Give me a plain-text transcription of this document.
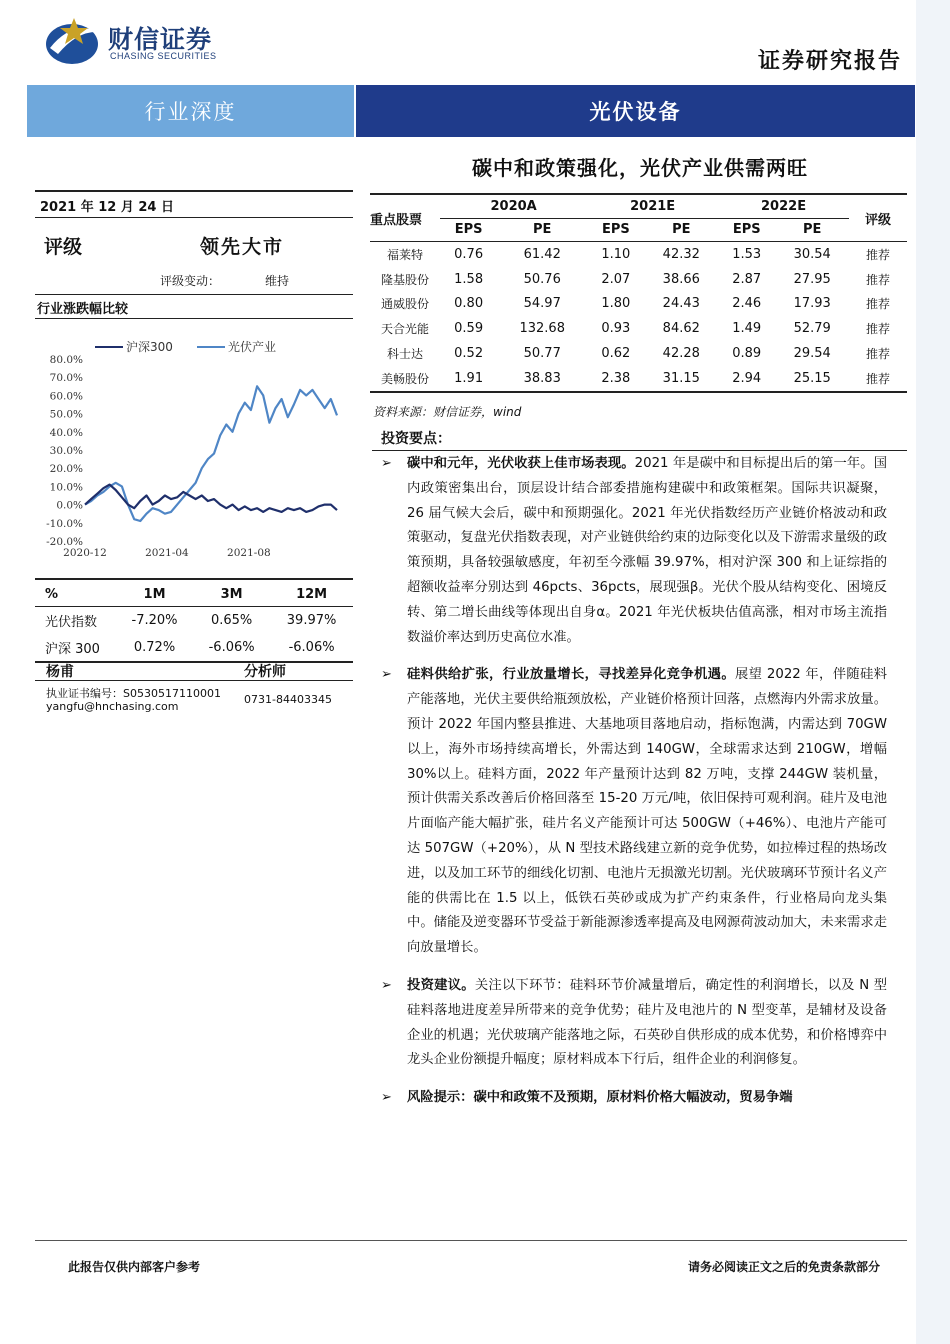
财信证券
CHASING SECURITIES	证券研究报告
行业深度	光伏设备
碳中和政策强化，光伏产业供需两旺
2021 年 12 月 24 日
评级	领先大市
评级变动：	维持
行业涨跌幅比较
沪深300	光伏产业
80.0%
70.0%
60.0%
50.0%
40.0%
30.0%
20.0%
10.0%
0.0%
-10.0%
-20.0%
2020-12	2021-04	2021-08
%	1M	3M	12M
光伏指数	-7.20%	0.65%	39.97%
沪深 300	0.72%	-6.06%	-6.06%
杨甫	分析师
执业证书编号：S0530517110001
yangfu@hnchasing.com
0731-84403345
重点股票	2020A		2021E		2022E		评级
	EPS	PE	EPS	PE	EPS	PE	
福莱特	0.76	61.42	1.10	42.32	1.53	30.54	推荐
隆基股份	1.58	50.76	2.07	38.66	2.87	27.95	推荐
通威股份	0.80	54.97	1.80	24.43	2.46	17.93	推荐
天合光能	0.59	132.68	0.93	84.62	1.49	52.79	推荐
科士达	0.52	50.77	0.62	42.28	0.89	29.54	推荐
美畅股份	1.91	38.83	2.38	31.15	2.94	25.15	推荐
资料来源：财信证券，wind
投资要点：
➢ 碳中和元年，光伏收获上佳市场表现。2021 年是碳中和目标提出后的第一年。国内政策密集出台，顶层设计结合部委措施构建碳中和政策框架。国际共识凝聚，26 届气候大会后，碳中和预期强化。2021 年光伏指数经历产业链价格波动和政策驱动，复盘光伏指数表现，对产业链供给约束的边际变化以及下游需求量级的政策预期，具备较强敏感度，年初至今涨幅 39.97%，相对沪深 300 和上证综指的超额收益率分别达到 46pcts、36pcts，展现强β。光伏个股从结构变化、困境反转、第二增长曲线等体现出自身α。2021 年光伏板块估值高涨，相对市场主流指数溢价率达到历史高位水准。
➢ 硅料供给扩张，行业放量增长，寻找差异化竞争机遇。展望 2022 年，伴随硅料产能落地，光伏主要供给瓶颈放松，产业链价格预计回落，点燃海内外需求放量。预计 2022 年国内整县推进、大基地项目落地启动，指标饱满，内需达到 70GW 以上，海外市场持续高增长，外需达到 140GW，全球需求达到 210GW，增幅 30%以上。硅料方面，2022 年产量预计达到 82 万吨，支撑 244GW 装机量，预计供需关系改善后价格回落至 15-20 万元/吨，依旧保持可观利润。硅片及电池片面临产能大幅扩张，硅片名义产能预计可达 500GW（+46%）、电池片产能可达 507GW（+20%），从 N 型技术路线建立新的竞争优势，如拉棒过程的热场改进，以及加工环节的细线化切割、电池片无损激光切割。光伏玻璃环节预计名义产能的供需比在 1.5 以上，低铁石英砂或成为扩产约束条件，行业格局向龙头集中。储能及逆变器环节受益于新能源渗透率提高及电网源荷波动加大，未来需求走向放量增长。
➢ 投资建议。关注以下环节：硅料环节价减量增后，确定性的利润增长，以及 N 型硅料落地进度差异所带来的竞争优势；硅片及电池片的 N 型变革，是辅材及设备企业的机遇；光伏玻璃产能落地之际，石英砂自供形成的成本优势，和价格博弈中龙头企业份额提升幅度；原材料成本下行后，组件企业的利润修复。
➢ 风险提示：碳中和政策不及预期，原材料价格大幅波动，贸易争端
此报告仅供内部客户参考	请务必阅读正文之后的免责条款部分
